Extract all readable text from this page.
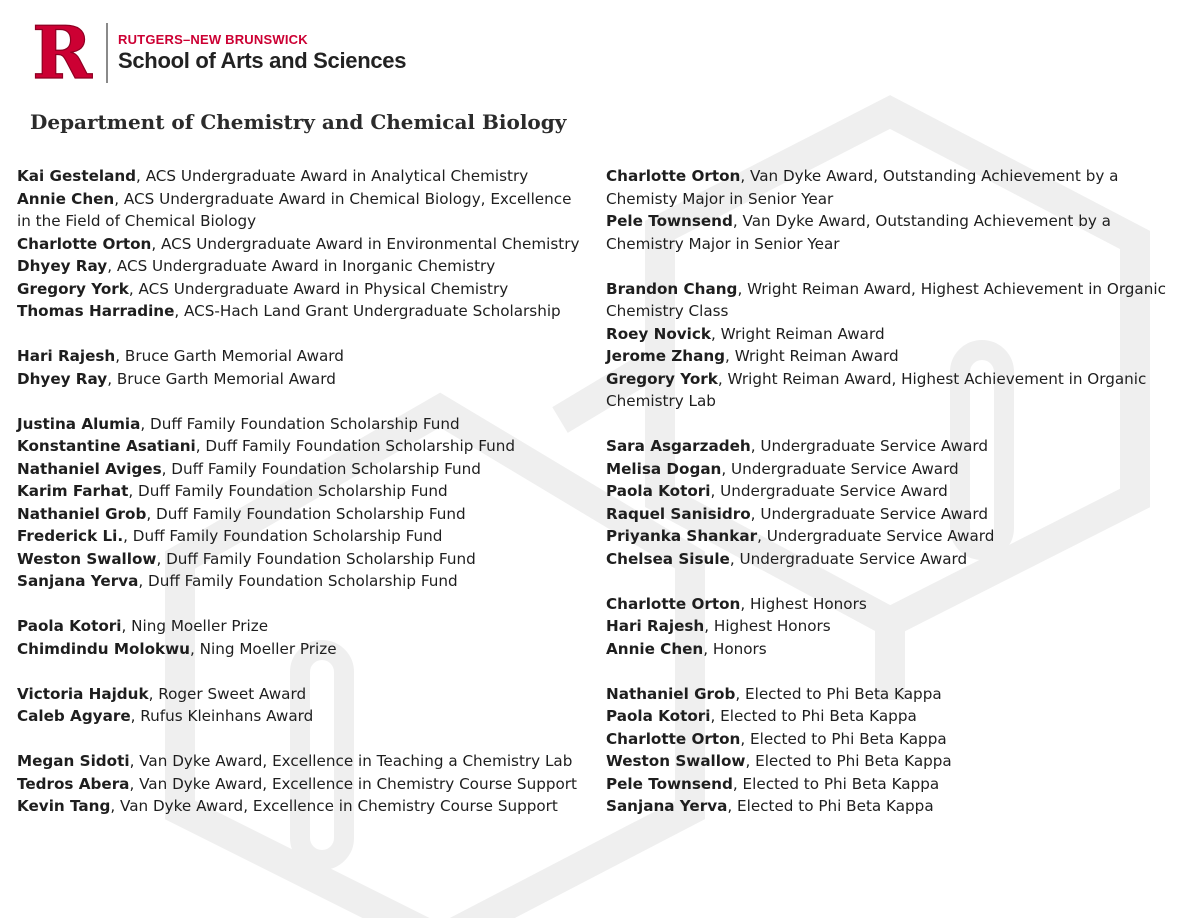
R RUTGERS–NEW BRUNSWICK
School of Arts and Sciences
Department of Chemistry and Chemical Biology

Kai Gesteland, ACS Undergraduate Award in Analytical Chemistry

Annie Chen, ACS Undergraduate Award in Chemical Biology, Excellence in the Field of Chemical Biology

Charlotte Orton, ACS Undergraduate Award in Environmental Chemistry

Dhyey Ray, ACS Undergraduate Award in Inorganic Chemistry

Gregory York, ACS Undergraduate Award in Physical Chemistry

Thomas Harradine, ACS-Hach Land Grant Undergraduate Scholarship

Hari Rajesh, Bruce Garth Memorial Award

Dhyey Ray, Bruce Garth Memorial Award

Justina Alumia, Duff Family Foundation Scholarship Fund

Konstantine Asatiani, Duff Family Foundation Scholarship Fund

Nathaniel Aviges, Duff Family Foundation Scholarship Fund

Karim Farhat, Duff Family Foundation Scholarship Fund

Nathaniel Grob, Duff Family Foundation Scholarship Fund

Frederick Li., Duff Family Foundation Scholarship Fund

Weston Swallow, Duff Family Foundation Scholarship Fund

Sanjana Yerva, Duff Family Foundation Scholarship Fund

Paola Kotori, Ning Moeller Prize

Chimdindu Molokwu, Ning Moeller Prize

Victoria Hajduk, Roger Sweet Award

Caleb Agyare, Rufus Kleinhans Award

Megan Sidoti, Van Dyke Award, Excellence in Teaching a Chemistry Lab

Tedros Abera, Van Dyke Award, Excellence in Chemistry Course Support

Kevin Tang, Van Dyke Award, Excellence in Chemistry Course Support

Charlotte Orton, Van Dyke Award, Outstanding Achievement by a Chemisty Major in Senior Year

Pele Townsend, Van Dyke Award, Outstanding Achievement by a Chemistry Major in Senior Year

Brandon Chang, Wright Reiman Award, Highest Achievement in Organic Chemistry Class

Roey Novick, Wright Reiman Award

Jerome Zhang, Wright Reiman Award

Gregory York, Wright Reiman Award, Highest Achievement in Organic Chemistry Lab

Sara Asgarzadeh, Undergraduate Service Award

Melisa Dogan, Undergraduate Service Award

Paola Kotori, Undergraduate Service Award

Raquel Sanisidro, Undergraduate Service Award

Priyanka Shankar, Undergraduate Service Award

Chelsea Sisule, Undergraduate Service Award

Charlotte Orton, Highest Honors

Hari Rajesh, Highest Honors

Annie Chen, Honors

Nathaniel Grob, Elected to Phi Beta Kappa

Paola Kotori, Elected to Phi Beta Kappa

Charlotte Orton, Elected to Phi Beta Kappa

Weston Swallow, Elected to Phi Beta Kappa

Pele Townsend, Elected to Phi Beta Kappa

Sanjana Yerva, Elected to Phi Beta Kappa
